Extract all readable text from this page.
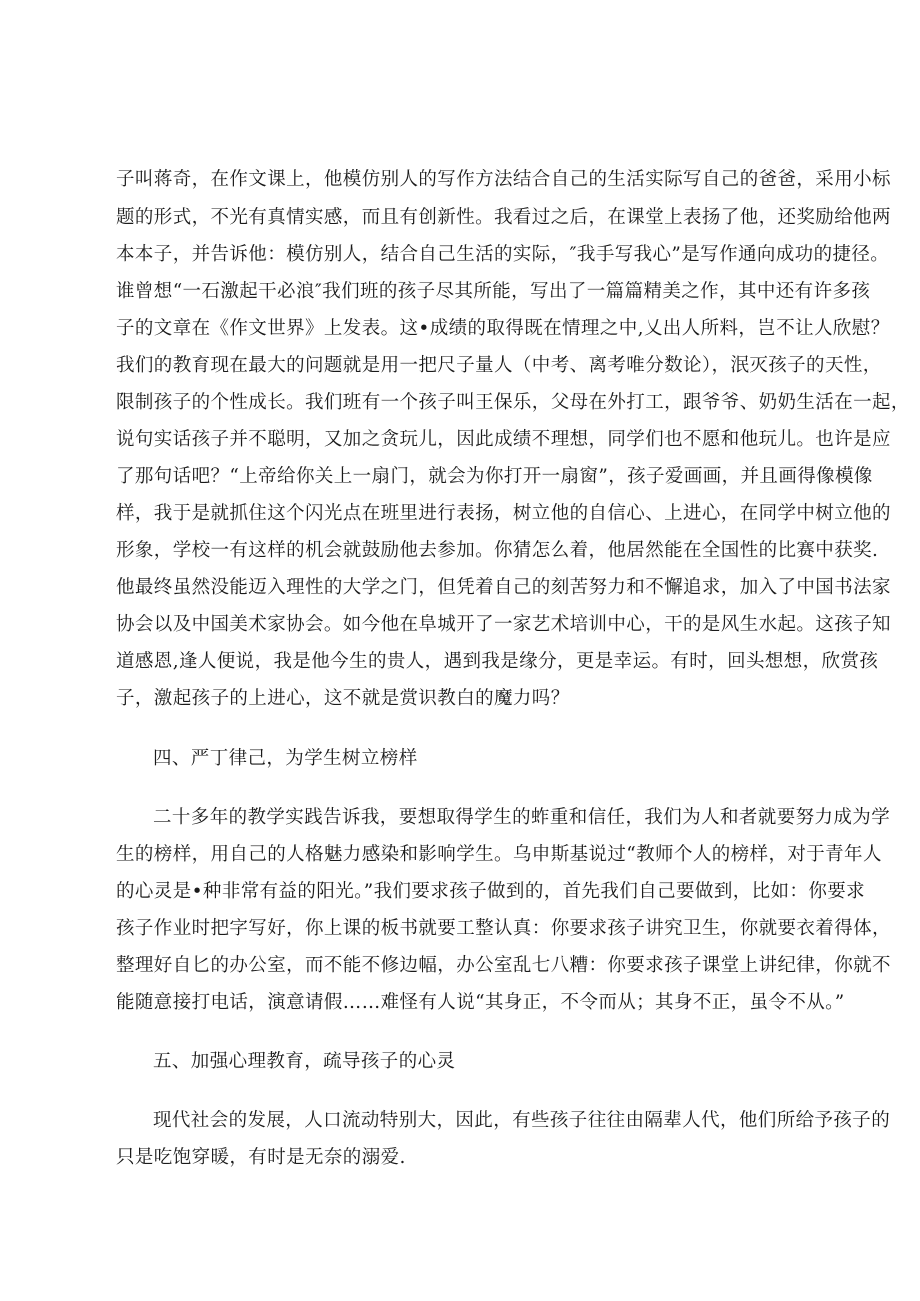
子叫蒋奇，在作文课上，他模仿别人的写作方法结合自己的生活实际写自己的爸爸，采用小标
题的形式，不光有真情实感，而且有创新性。我看过之后，在课堂上表扬了他，还奖励给他两
本本子，并告诉他：模仿别人，结合自己生活的实际，″我手写我心”是写作通向成功的捷径。
谁曾想“一石激起干必浪″我们班的孩子尽其所能，写出了一篇篇精美之作，其中还有许多孩
子的文章在《作文世界》上发表。这•成绩的取得既在情理之中,乂出人所料，岂不让人欣慰？
我们的教育现在最大的问题就是用一把尺子量人（中考、离考唯分数论），泯灭孩子的天性，
限制孩子的个性成长。我们班有一个孩子叫王保乐，父母在外打工，跟爷爷、奶奶生活在一起，
说句实话孩子并不聪明，又加之贪玩儿，因此成绩不理想，同学们也不愿和他玩儿。也许是应
了那句话吧？“上帝给你关上一扇门，就会为你打开一扇窗”，孩子爱画画，并且画得像模像
样，我于是就抓住这个闪光点在班里进行表扬，树立他的自信心、上进心，在同学中树立他的
形象，学校一有这样的机会就鼓励他去参加。你猜怎么着，他居然能在全国性的比赛中获奖.
他最终虽然没能迈入理性的大学之门，但凭着自己的刻苦努力和不懈追求，加入了中国书法家
协会以及中国美术家协会。如今他在阜城开了一家艺术培训中心，干的是风生水起。这孩子知
道感恩,逢人便说，我是他今生的贵人，遇到我是缘分，更是幸运。有时，回头想想，欣赏孩
子，激起孩子的上进心，这不就是赏识教白的魔力吗？
四、严丁律己，为学生树立榜样
二十多年的教学实践告诉我，要想取得学生的蚱重和信任，我们为人和者就要努力成为学
生的榜样，用自己的人格魅力感染和影响学生。乌申斯基说过“教师个人的榜样，对于青年人
的心灵是•种非常有益的阳光。”我们要求孩子做到的，首先我们自己要做到，比如：你要求
孩子作业时把字写好，你上课的板书就要工整认真：你要求孩子讲究卫生，你就要衣着得体，
整理好自匕的办公室，而不能不修边幅，办公室乱七八糟：你要求孩子课堂上讲纪律，你就不
能随意接打电话，演意请假……难怪有人说“其身正，不令而从；其身不正，虽令不从。”
五、加强心理教育，疏导孩子的心灵
现代社会的发展，人口流动特别大，因此，有些孩子往往由隔辈人代，他们所给予孩子的
只是吃饱穿暖，有时是无奈的溺爱.
